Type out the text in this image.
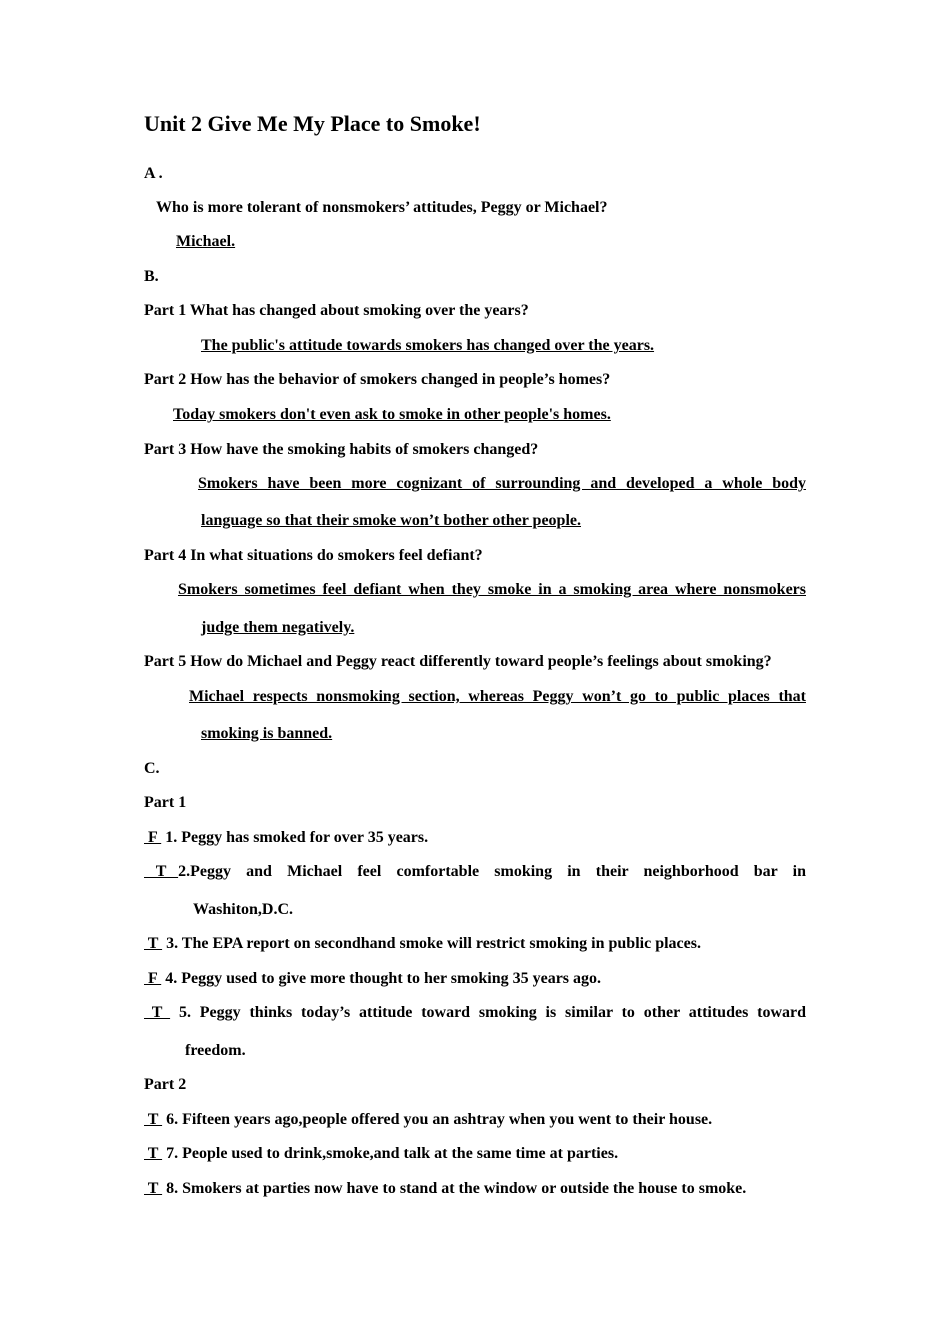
Unit 2 Give Me My Place to Smoke!
A .
Who is more tolerant of nonsmokers’ attitudes, Peggy or Michael?
Michael.
B.
Part 1 What has changed about smoking over the years?
The public's attitude towards smokers has changed over the years.
Part 2 How has the behavior of smokers changed in people’s homes?
Today smokers don't even ask to smoke in other people's homes.
Part 3 How have the smoking habits of smokers changed?
Smokers have been more cognizant of surrounding and developed a whole body
language so that their smoke won’t bother other people.
Part 4 In what situations do smokers feel defiant?
Smokers sometimes feel defiant when they smoke in a smoking area where nonsmokers
judge them negatively.
Part 5 How do Michael and Peggy react differently toward people’s feelings about smoking?
Michael respects nonsmoking section, whereas Peggy won’t go to public places that
smoking is banned.
C.
Part 1
F  1. Peggy has smoked for over 35 years.
T   2.Peggy and Michael feel comfortable smoking in their neighborhood bar in
Washiton,D.C.
T  3. The EPA report on secondhand smoke will restrict smoking in public places.
F  4. Peggy used to give more thought to her smoking 35 years ago.
T   5. Peggy thinks today’s attitude toward smoking is similar to other attitudes toward
freedom.
Part 2
T  6. Fifteen years ago,people offered you an ashtray when you went to their house.
T  7. People used to drink,smoke,and talk at the same time at parties.
T  8. Smokers at parties now have to stand at the window or outside the house to smoke.
